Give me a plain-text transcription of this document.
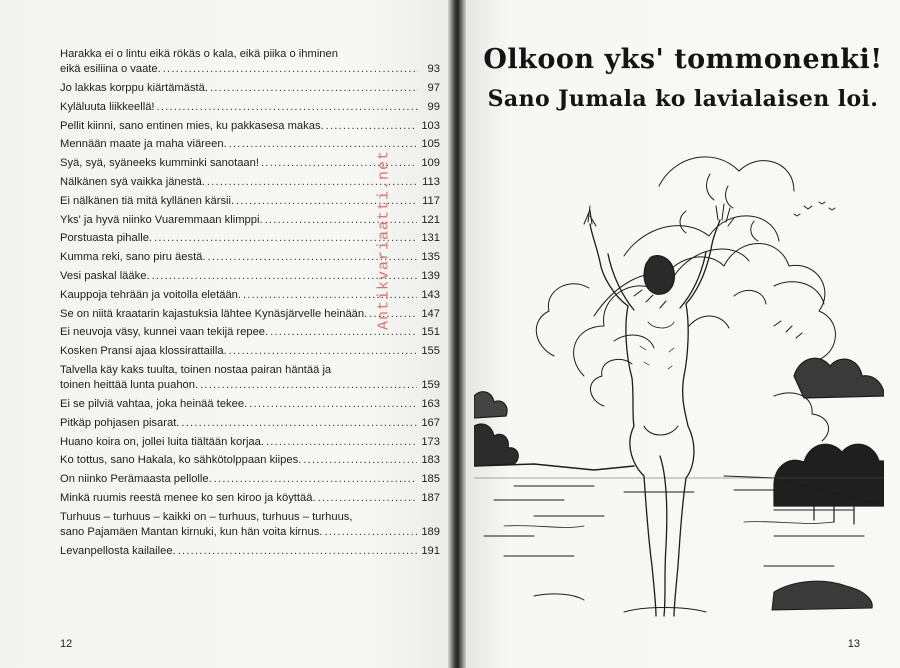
Harakka ei o lintu eikä rökäs o kala, eikä piika o ihminen
eikä esiliina o vaate. .....	93
Jo lakkas korppu kiärtämästä. .....	97
Kyläluuta liikkeellä! .....	99
Pellit kiinni, sano entinen mies, ku pakkasesa makas. .....	103
Mennään maate ja maha viäreen. .....	105
Syä, syä, syäneeks kumminki sanotaan! .....	109
Nälkänen syä vaikka jänestä. .....	113
Ei nälkänen tiä mitä kyllänen kärsii. .....	117
Yks' ja hyvä niinko Vuaremmaan klimppi. .....	121
Porstuasta pihalle. .....	131
Kumma reki, sano piru äestä. .....	135
Vesi paskal lääke. .....	139
Kauppoja tehrään ja voitolla eletään. .....	143
Se on niitä kraatarin kajastuksia lähtee Kynäsjärvelle heinään. .....	147
Ei neuvoja väsy, kunnei vaan tekijä repee. .....	151
Kosken Pransi ajaa klossirattailla. .....	155
Talvella käy kaks tuulta, toinen nostaa pairan häntää ja
toinen heittää lunta puahon. .....	159
Ei se pilviä vahtaa, joka heinää tekee. .....	163
Pitkäp pohjasen pisarat. .....	167
Huano koira on, jollei luita tiältään korjaa. .....	173
Ko tottus, sano Hakala, ko sähkötolppaan kiipes. .....	183
On niinko Perämaasta pellolle. .....	185
Minkä ruumis reestä menee ko sen kiroo ja köyttää. .....	187
Turhuus – turhuus – kaikki on – turhuus, turhuus – turhuus,
sano Pajamäen Mantan kirnuki, kun hän voita kirnus. .....	189
Levanpellosta kailailee. .....	191
12
Olkoon yks' tommonenki!
Sano Jumala ko lavialaisen loi.
13
Antikvariaatti.net
